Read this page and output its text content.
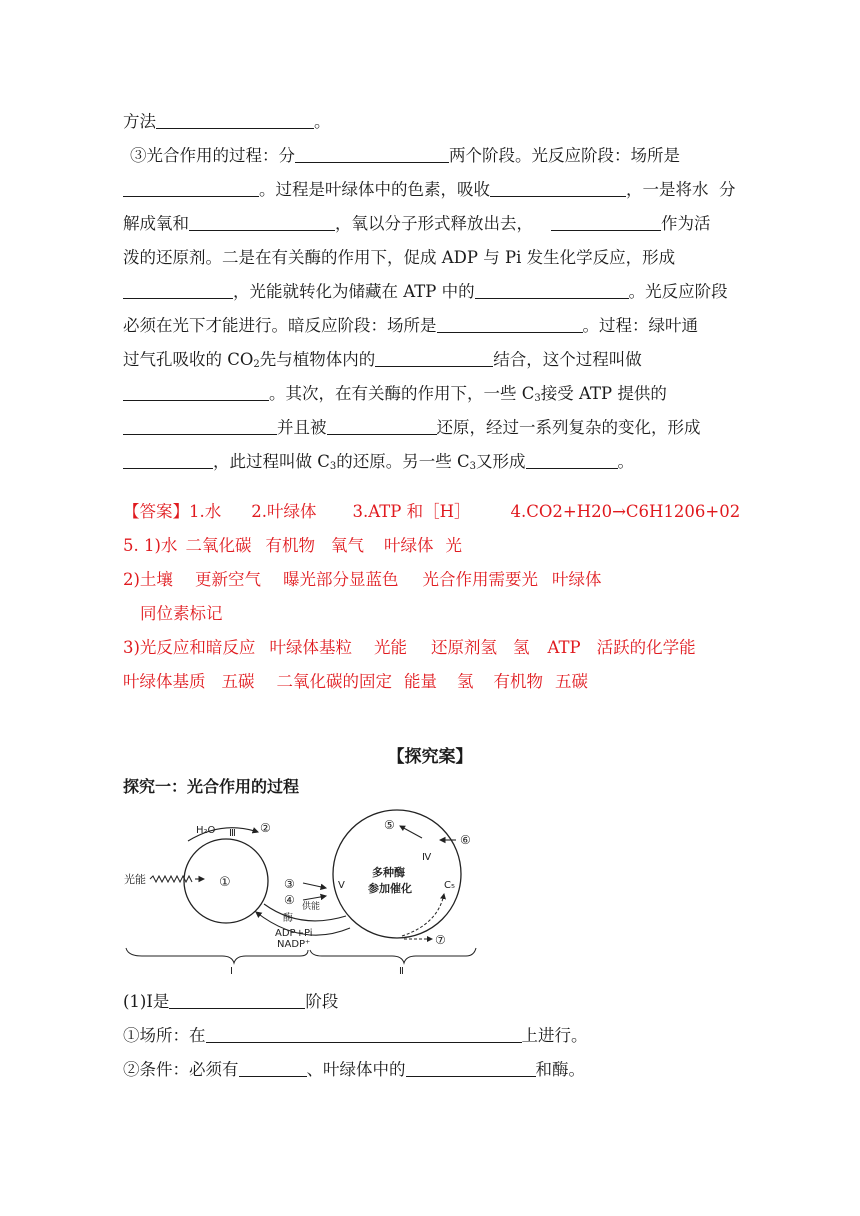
方法	。
③光合作用的过程：分	两个阶段。光反应阶段：场所是
。过程是叶绿体中的色素，吸收	，一是将水  分
解成氧和	，氧以分子形式释放出去，	作为活
泼的还原剂。二是在有关酶的作用下，促成 ADP 与 Pi 发生化学反应，形成
，光能就转化为储藏在 ATP 中的	。光反应阶段
必须在光下才能进行。暗反应阶段：场所是	。过程：绿叶通
过气孔吸收的 $CO_2$先与植物体内的	结合，这个过程叫做
。其次，在有关酶的作用下，一些 $C_3$接受 ATP 提供的
并且被	还原，经过一系列复杂的变化，形成
，此过程叫做 $C_3$的还原。另一些 $C_3$又形成	。
【答案】1.水 2.叶绿体 3.ATP 和［H］ 4.CO2+H20→C6H1206+02
5. 1)水 二氧化碳 有机物 氧气 叶绿体 光
2)土壤 更新空气 曝光部分显蓝色 光合作用需要光 叶绿体
同位素标记
3)光反应和暗反应 叶绿体基粒 光能 还原剂氢 氢 ATP 活跃的化学能
叶绿体基质 五碳 二氧化碳的固定 能量 氢 有机物 五碳
【探究案】
探究一：光合作用的过程
H₂O Ⅲ ②
光能	①	③
④ 供能
酶
Ⅴ
ADP+Pi
NADP⁺
⑤
⑥
Ⅳ
多种酶
参加催化	C₅
⑦
Ⅰ	Ⅱ
(1)Ⅰ是	阶段
①场所：在	上进行。
②条件：必须有	、叶绿体中的	和酶。
